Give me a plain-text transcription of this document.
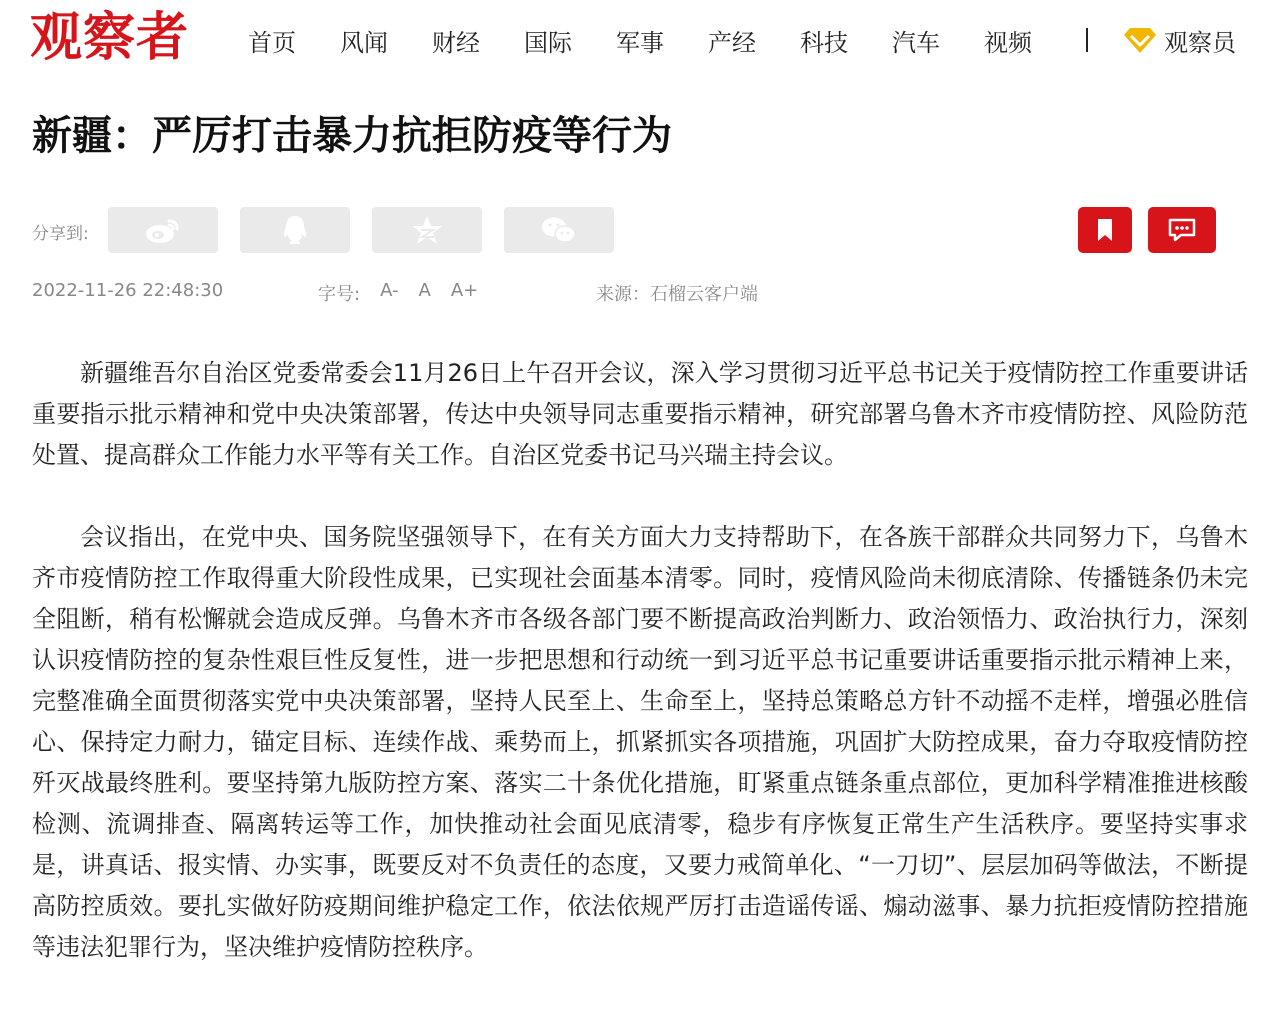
观察者 首页 风闻 财经 国际 军事 产经 科技 汽车 视频	观察员
新疆：严厉打击暴力抗拒防疫等行为
分享到:
2022-11-26 22:48:30	字号: A- A A+	来源：石榴云客户端

新疆维吾尔自治区党委常委会11月26日上午召开会议，深入学习贯彻习近平总书记关于疫情防控工作重要讲话重要指示批示精神和党中央决策部署，传达中央领导同志重要指示精神，研究部署乌鲁木齐市疫情防控、风险防范处置、提高群众工作能力水平等有关工作。自治区党委书记马兴瑞主持会议。

会议指出，在党中央、国务院坚强领导下，在有关方面大力支持帮助下，在各族干部群众共同努力下，乌鲁木齐市疫情防控工作取得重大阶段性成果，已实现社会面基本清零。同时，疫情风险尚未彻底清除、传播链条仍未完全阻断，稍有松懈就会造成反弹。乌鲁木齐市各级各部门要不断提高政治判断力、政治领悟力、政治执行力，深刻认识疫情防控的复杂性艰巨性反复性，进一步把思想和行动统一到习近平总书记重要讲话重要指示批示精神上来，完整准确全面贯彻落实党中央决策部署，坚持人民至上、生命至上，坚持总策略总方针不动摇不走样，增强必胜信心、保持定力耐力，锚定目标、连续作战、乘势而上，抓紧抓实各项措施，巩固扩大防控成果，奋力夺取疫情防控歼灭战最终胜利。要坚持第九版防控方案、落实二十条优化措施，盯紧重点链条重点部位，更加科学精准推进核酸检测、流调排查、隔离转运等工作，加快推动社会面见底清零，稳步有序恢复正常生产生活秩序。要坚持实事求是，讲真话、报实情、办实事，既要反对不负责任的态度，又要力戒简单化、“一刀切”、层层加码等做法，不断提高防控质效。要扎实做好防疫期间维护稳定工作，依法依规严厉打击造谣传谣、煽动滋事、暴力抗拒疫情防控措施等违法犯罪行为，坚决维护疫情防控秩序。
